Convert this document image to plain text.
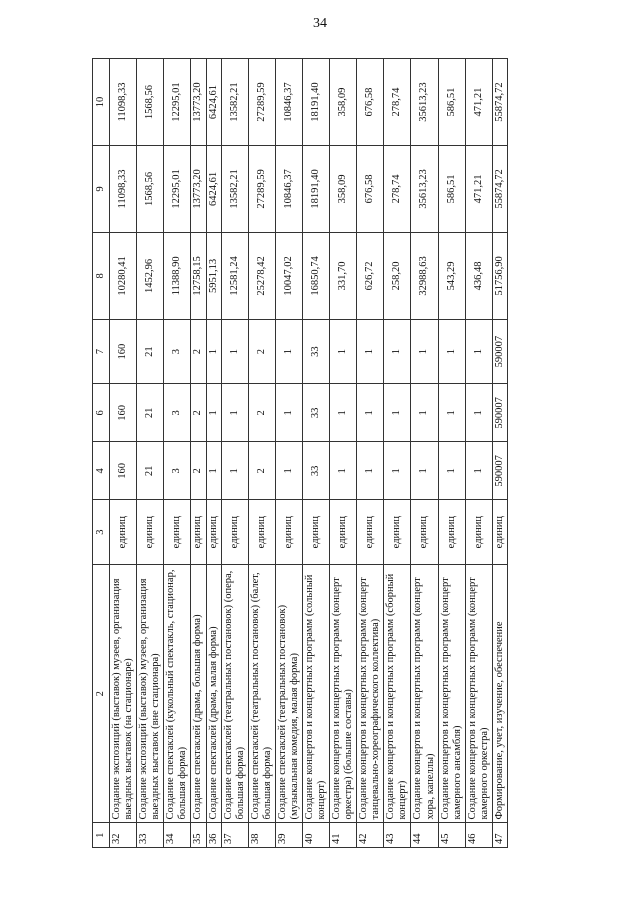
34
1	2	3	4	6	7	8	9	10
32	Создание экспозиций (выставок) музеев, организация выездных выставок (на стационаре)	единиц	160	160	160	10280,41	11098,33	11098,33
33	Создание экспозиций (выставок) музеев, организация выездных выставок (вне стационара)	единиц	21	21	21	1452,96	1568,56	1568,56
34	Создание спектаклей (кукольный спектакль, стационар, большая форма)	единиц	3	3	3	11388,90	12295,01	12295,01
35	Создание спектаклей (драма, большая форма)	единиц	2	2	2	12758,15	13773,20	13773,20
36	Создание спектаклей (драма, малая форма)	единиц	1	1	1	5951,13	6424,61	6424,61
37	Создание спектаклей (театральных постановок) (опера, большая форма)	единиц	1	1	1	12581,24	13582,21	13582,21
38	Создание спектаклей (театральных постановок) (балет, большая форма)	единиц	2	2	2	25278,42	27289,59	27289,59
39	Создание спектаклей (театральных постановок) (музыкальная комедия, малая форма)	единиц	1	1	1	10047,02	10846,37	10846,37
40	Создание концертов и концертных программ (сольный концерт)	единиц	33	33	33	16850,74	18191,40	18191,40
41	Создание концертов и концертных программ (концерт оркестра) (большие составы)	единиц	1	1	1	331,70	358,09	358,09
42	Создание концертов и концертных программ (концерт танцевально-хореографического коллектива)	единиц	1	1	1	626,72	676,58	676,58
43	Создание концертов и концертных программ (сборный концерт)	единиц	1	1	1	258,20	278,74	278,74
44	Создание концертов и концертных программ (концерт хора, капеллы)	единиц	1	1	1	32988,63	35613,23	35613,23
45	Создание концертов и концертных программ (концерт камерного ансамбля)	единиц	1	1	1	543,29	586,51	586,51
46	Создание концертов и концертных программ (концерт камерного оркестра)	единиц	1	1	1	436,48	471,21	471,21
47	Формирование, учет, изучение, обеспечение	единиц	590007	590007	590007	51756,90	55874,72	55874,72
